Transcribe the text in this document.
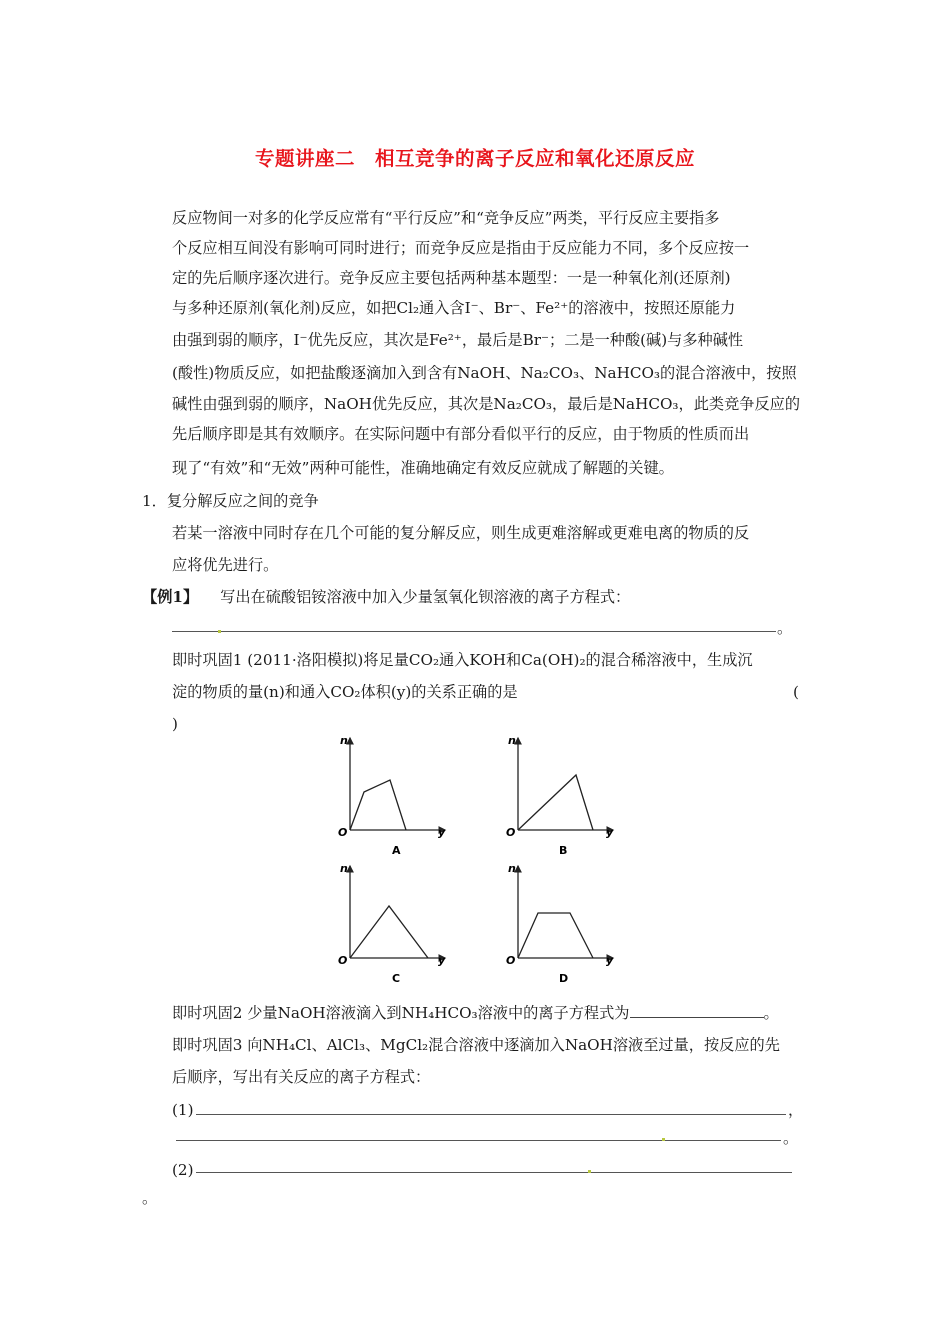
专题讲座二　相互竞争的离子反应和氧化还原反应
反应物间一对多的化学反应常有“平行反应”和“竞争反应”两类，平行反应主要指多
个反应相互间没有影响可同时进行；而竞争反应是指由于反应能力不同，多个反应按一
定的先后顺序逐次进行。竞争反应主要包括两种基本题型：一是一种氧化剂(还原剂)
与多种还原剂(氧化剂)反应，如把Cl₂通入含I⁻、Br⁻、Fe²⁺的溶液中，按照还原能力
由强到弱的顺序，I⁻优先反应，其次是Fe²⁺，最后是Br⁻；二是一种酸(碱)与多种碱性
(酸性)物质反应，如把盐酸逐滴加入到含有NaOH、Na₂CO₃、NaHCO₃的混合溶液中，按照
碱性由强到弱的顺序，NaOH优先反应，其次是Na₂CO₃，最后是NaHCO₃，此类竞争反应的
先后顺序即是其有效顺序。在实际问题中有部分看似平行的反应，由于物质的性质而出
现了“有效”和“无效”两种可能性，准确地确定有效反应就成了解题的关键。
1．复分解反应之间的竞争
若某一溶液中同时存在几个可能的复分解反应，则生成更难溶解或更难电离的物质的反
应将优先进行。
【例1】 写出在硫酸铝铵溶液中加入少量氢氧化钡溶液的离子方程式：
。
即时巩固1 (2011·洛阳模拟)将足量CO₂通入KOH和Ca(OH)₂的混合稀溶液中，生成沉
淀的物质的量(n)和通入CO₂体积(y)的关系正确的是	(
)
n
O	y
A
n
O	y
B
n
O	y
C
n
O	y
D
即时巩固2 少量NaOH溶液滴入到NH₄HCO₃溶液中的离子方程式为	。
即时巩固3 向NH₄Cl、AlCl₃、MgCl₂混合溶液中逐滴加入NaOH溶液至过量，按反应的先
后顺序，写出有关反应的离子方程式：
(1)	，
。
(2)
。
